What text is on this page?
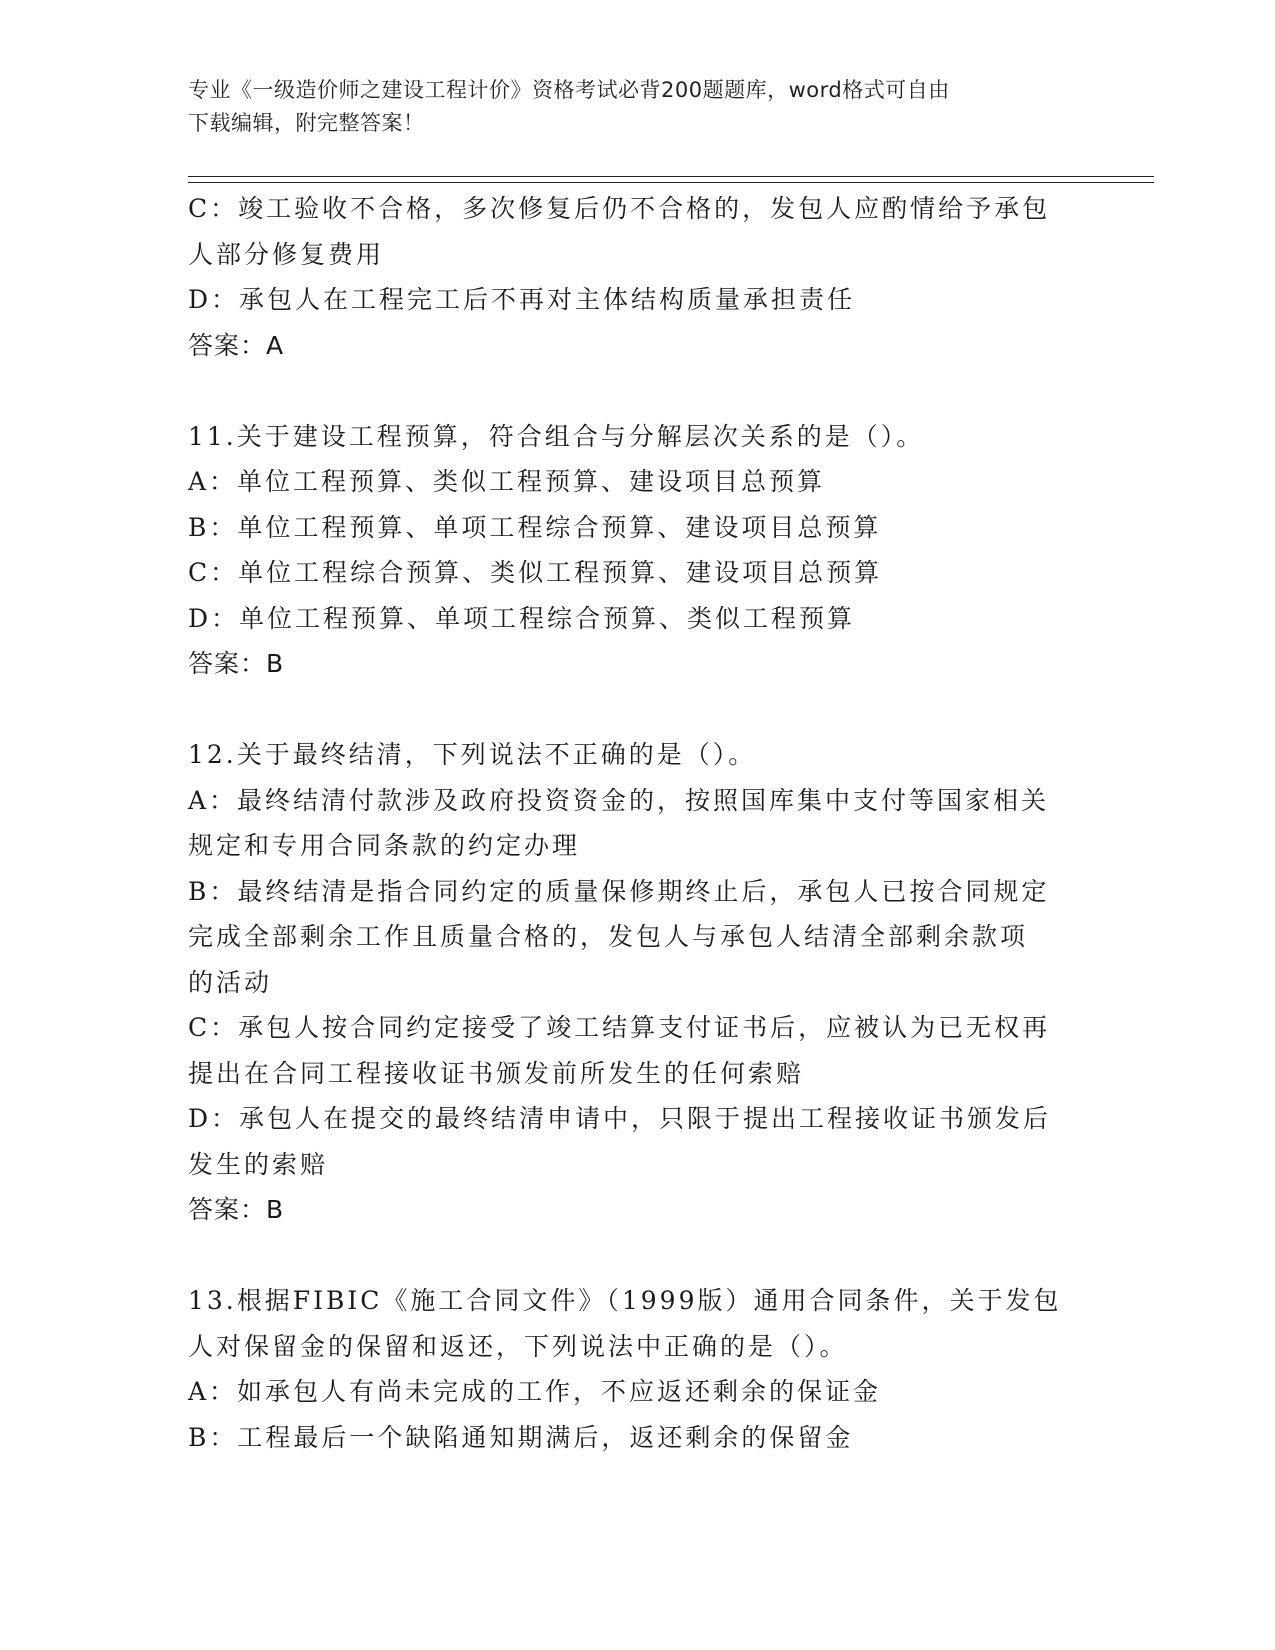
专业《一级造价师之建设工程计价》资格考试必背200题题库，word格式可自由
下载编辑，附完整答案！
C：竣工验收不合格，多次修复后仍不合格的，发包人应酌情给予承包
人部分修复费用
D：承包人在工程完工后不再对主体结构质量承担责任
答案：A
11.关于建设工程预算，符合组合与分解层次关系的是（）。
A：单位工程预算、类似工程预算、建设项目总预算
B：单位工程预算、单项工程综合预算、建设项目总预算
C：单位工程综合预算、类似工程预算、建设项目总预算
D：单位工程预算、单项工程综合预算、类似工程预算
答案：B
12.关于最终结清，下列说法不正确的是（）。
A：最终结清付款涉及政府投资资金的，按照国库集中支付等国家相关
规定和专用合同条款的约定办理
B：最终结清是指合同约定的质量保修期终止后，承包人已按合同规定
完成全部剩余工作且质量合格的，发包人与承包人结清全部剩余款项
的活动
C：承包人按合同约定接受了竣工结算支付证书后，应被认为已无权再
提出在合同工程接收证书颁发前所发生的任何索赔
D：承包人在提交的最终结清申请中，只限于提出工程接收证书颁发后
发生的索赔
答案：B
13.根据FIBIC《施工合同文件》（1999版）通用合同条件，关于发包
人对保留金的保留和返还，下列说法中正确的是（）。
A：如承包人有尚未完成的工作，不应返还剩余的保证金
B：工程最后一个缺陷通知期满后，返还剩余的保留金
